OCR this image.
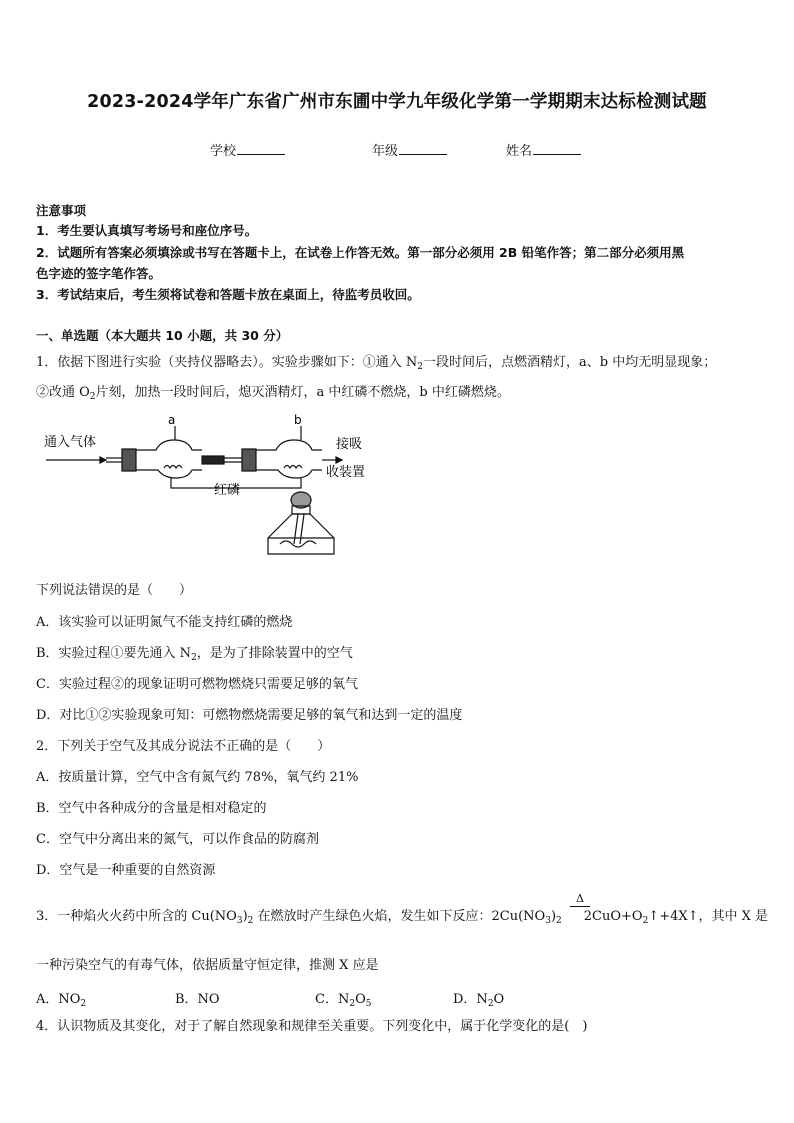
2023-2024学年广东省广州市东圃中学九年级化学第一学期期末达标检测试题
学校	年级	姓名
注意事项
1．考生要认真填写考场号和座位序号。
2．试题所有答案必须填涂或书写在答题卡上，在试卷上作答无效。第一部分必须用 2B 铅笔作答；第二部分必须用黑
色字迹的签字笔作答。
3．考试结束后，考生须将试卷和答题卡放在桌面上，待监考员收回。
一、单选题（本大题共 10 小题，共 30 分）
1．依据下图进行实验（夹持仪器略去）。实验步骤如下：①通入 $N_2$一段时间后，点燃酒精灯，a、b 中均无明显现象；
②改通 $O_2$片刻，加热一段时间后，熄灭酒精灯，a 中红磷不燃烧，b 中红磷燃烧。
通入气体
a	b
接吸
收装置
红磷
下列说法错误的是（　　）
A．该实验可以证明氮气不能支持红磷的燃烧
B．实验过程①要先通入 $N_2$，是为了排除装置中的空气
C．实验过程②的现象证明可燃物燃烧只需要足够的氧气
D．对比①②实验现象可知：可燃物燃烧需要足够的氧气和达到一定的温度
2．下列关于空气及其成分说法不正确的是（　　）
A．按质量计算，空气中含有氮气约 78%，氧气约 21%
B．空气中各种成分的含量是相对稳定的
C．空气中分离出来的氮气，可以作食品的防腐剂
D．空气是一种重要的自然资源
Δ
3．一种焰火火药中所含的 $Cu(NO_3)_2$ 在燃放时产生绿色火焰，发生如下反应：$2Cu(NO_3)_2$ $2CuO+O_2↑+4X↑$，其中 X 是
一种污染空气的有毒气体，依据质量守恒定律，推测 X 应是
A．$NO_2$	B．NO	C．$N_2O_5$	D．$N_2O$
4．认识物质及其变化，对于了解自然现象和规律至关重要。下列变化中，属于化学变化的是(　)
